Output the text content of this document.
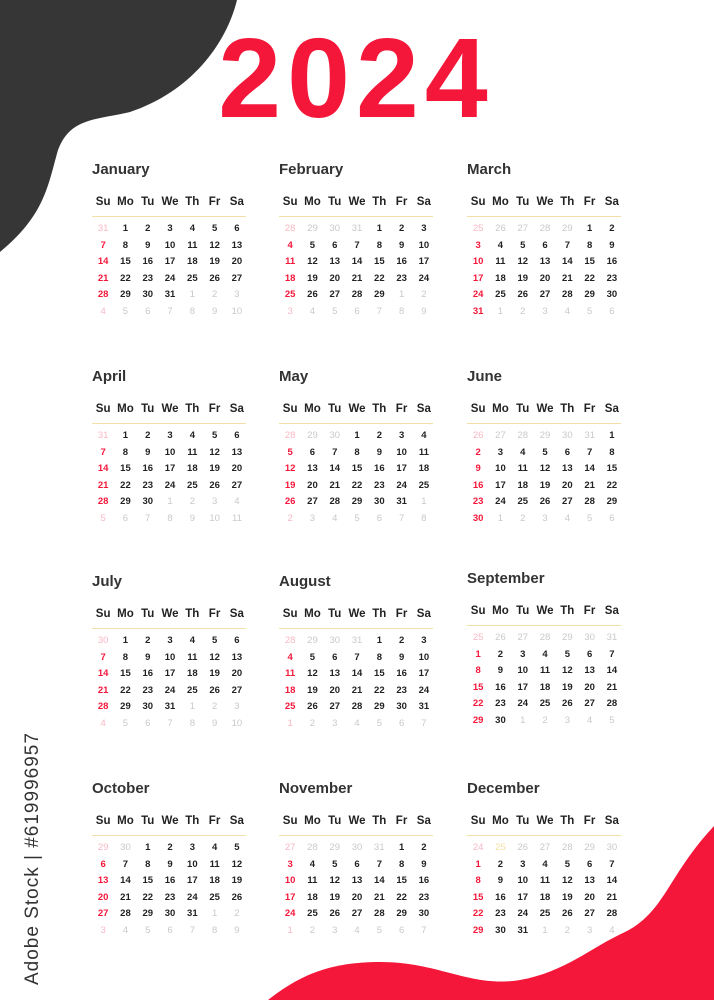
2024
Adobe Stock | #619996957
January
Su Mo Tu We Th Fr Sa
31	1	2	3	4	5	6
7	8	9	10	11	12	13
14	15	16	17	18	19	20
21	22	23	24	25	26	27
28	29	30	31	1	2	3
4	5	6	7	8	9	10
February
Su Mo Tu We Th Fr Sa
28	29	30	31	1	2	3
4	5	6	7	8	9	10
11	12	13	14	15	16	17
18	19	20	21	22	23	24
25	26	27	28	29	1	2
3	4	5	6	7	8	9
March
Su Mo Tu We Th Fr Sa
25	26	27	28	29	1	2
3	4	5	6	7	8	9
10	11	12	13	14	15	16
17	18	19	20	21	22	23
24	25	26	27	28	29	30
31	1	2	3	4	5	6
April
Su Mo Tu We Th Fr Sa
31	1	2	3	4	5	6
7	8	9	10	11	12	13
14	15	16	17	18	19	20
21	22	23	24	25	26	27
28	29	30	1	2	3	4
5	6	7	8	9	10	11
May
Su Mo Tu We Th Fr Sa
28	29	30	1	2	3	4
5	6	7	8	9	10	11
12	13	14	15	16	17	18
19	20	21	22	23	24	25
26	27	28	29	30	31	1
2	3	4	5	6	7	8
June
Su Mo Tu We Th Fr Sa
26	27	28	29	30	31	1
2	3	4	5	6	7	8
9	10	11	12	13	14	15
16	17	18	19	20	21	22
23	24	25	26	27	28	29
30	1	2	3	4	5	6
July
Su Mo Tu We Th Fr Sa
30	1	2	3	4	5	6
7	8	9	10	11	12	13
14	15	16	17	18	19	20
21	22	23	24	25	26	27
28	29	30	31	1	2	3
4	5	6	7	8	9	10
August
Su Mo Tu We Th Fr Sa
28	29	30	31	1	2	3
4	5	6	7	8	9	10
11	12	13	14	15	16	17
18	19	20	21	22	23	24
25	26	27	28	29	30	31
1	2	3	4	5	6	7
September
Su Mo Tu We Th Fr Sa
25	26	27	28	29	30	31
1	2	3	4	5	6	7
8	9	10	11	12	13	14
15	16	17	18	19	20	21
22	23	24	25	26	27	28
29	30	1	2	3	4	5
October
Su Mo Tu We Th Fr Sa
29	30	1	2	3	4	5
6	7	8	9	10	11	12
13	14	15	16	17	18	19
20	21	22	23	24	25	26
27	28	29	30	31	1	2
3	4	5	6	7	8	9
November
Su Mo Tu We Th Fr Sa
27	28	29	30	31	1	2
3	4	5	6	7	8	9
10	11	12	13	14	15	16
17	18	19	20	21	22	23
24	25	26	27	28	29	30
1	2	3	4	5	6	7
December
Su Mo Tu We Th Fr Sa
24	25	26	27	28	29	30
1	2	3	4	5	6	7
8	9	10	11	12	13	14
15	16	17	18	19	20	21
22	23	24	25	26	27	28
29	30	31	1	2	3	4
